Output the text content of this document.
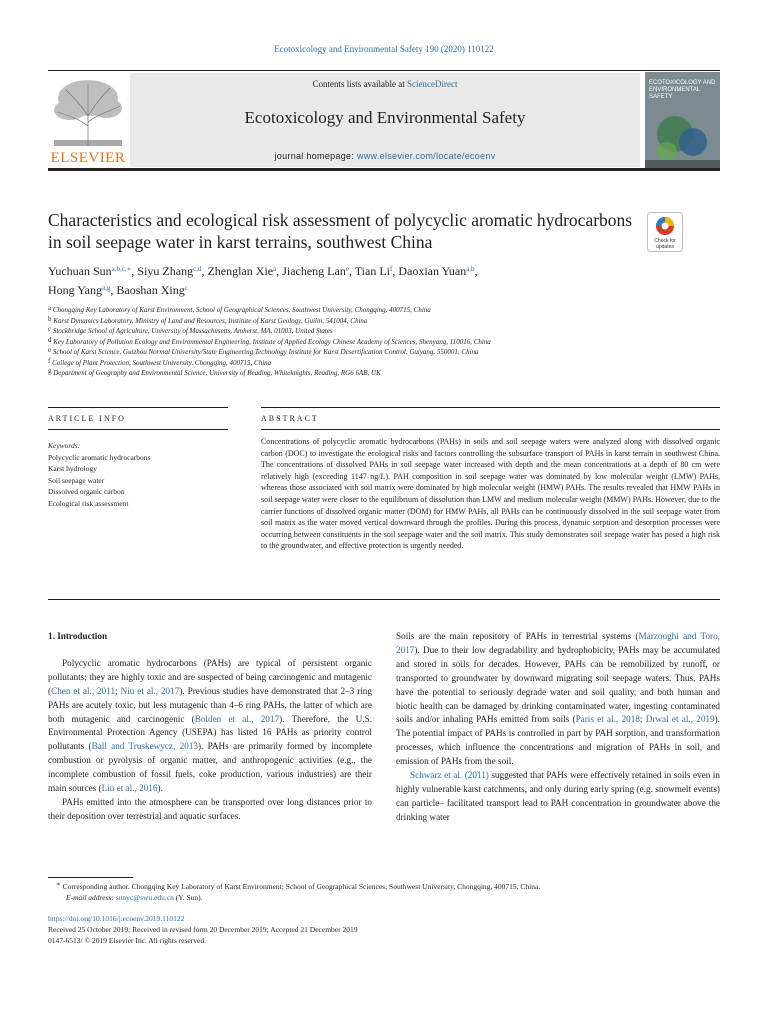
Ecotoxicology and Environmental Safety 190 (2020) 110122
ELSEVIER
Contents lists available at ScienceDirect
Ecotoxicology and Environmental Safety
journal homepage: www.elsevier.com/locate/ecoenv
ECOTOXICOLOGY AND ENVIRONMENTAL SAFETY
Characteristics and ecological risk assessment of polycyclic aromatic hydrocarbons in soil seepage water in karst terrains, southwest China	Check for
updates
Yuchuan Sun$^{a,b,c,∗}$, Siyu Zhang$^{c,d}$, Zhenglan Xie$^a$, Jiacheng Lan$^e$, Tian Li$^f$, Daoxian Yuan$^{a,b}$,
Hong Yang$^{a,g}$, Baoshan Xing$^c$
$^a$ Chongqing Key Laboratory of Karst Environment, School of Geographical Sciences, Southwest University, Chongqing, 400715, China
$^b$ Karst Dynamics Laboratory, Ministry of Land and Resources, Institute of Karst Geology, Guilin, 541004, China
$^c$ Stockbridge School of Agriculture, University of Massachusetts, Amherst, MA, 01003, United States
$^d$ Key Laboratory of Pollution Ecology and Environmental Engineering, Institute of Applied Ecology Chinese Academy of Sciences, Shenyang, 110016, China
$^e$ School of Karst Science, Guizhou Normal University/State Engineering Technology Institute for Karst Desertification Control, Guiyang, 550001, China
$^f$ College of Plant Protection, Southwest University, Chongqing, 400715, China
$^g$ Department of Geography and Environmental Science, University of Reading, Whiteknights, Reading, RG6 6AB, UK
ARTICLE INFO	ABSTRACT
Keywords:
Polycyclic aromatic hydrocarbons
Karst hydrology
Soil seepage water
Dissolved organic carbon
Ecological risk assessment
Concentrations of polycyclic aromatic hydrocarbons (PAHs) in soils and soil seepage waters were analyzed along with dissolved organic carbon (DOC) to investigate the ecological risks and factors controlling the subsurface transport of PAHs in karst terrain in southwest China. The concentrations of dissolved PAHs in soil seepage water increased with depth and the mean concentrations at a depth of 80 cm were relatively high (exceeding 1147 ng/L). PAH composition in soil seepage water was dominated by low molecular weight (LMW) PAHs, whereas those associated with soil matrix were dominated by high molecular weight (HMW) PAHs. The results revealed that HMW PAHs in soil seepage water were closer to the equilibrium of dissolution than LMW and medium molecular weight (MMW) PAHs. However, due to the carrier functions of dissolved organic matter (DOM) for HMW PAHs, all PAHs can be continuously dissolved in the soil seepage water from soil matrix as the water moved vertical downward through the profiles. During this process, dynamic sorption and desorption processes were occurring between constituents in the soil seepage water and the soil matrix. This study demonstrates soil seepage water has posed a high risk to the groundwater, and effective protection is urgently needed.
1. Introduction

Polycyclic aromatic hydrocarbons (PAHs) are typical of persistent organic pollutants; they are highly toxic and are suspected of being carcinogenic and mutagenic (Chen et al., 2011; Niu et al., 2017). Previous studies have demonstrated that 2–3 ring PAHs are acutely toxic, but less mutagenic than 4–6 ring PAHs, the latter of which are both mutagenic and carcinogenic (Bolden et al., 2017). Therefore, the U.S. Environmental Protection Agency (USEPA) has listed 16 PAHs as priority control pollutants (Ball and Truskewycz, 2013). PAHs are primarily formed by incomplete combustion or pyrolysis of organic matter, and anthropogenic activities (e.g., the incomplete combustion of fossil fuels, coke production, various industries) are their main sources (Liu et al., 2016).

PAHs emitted into the atmosphere can be transported over long distances prior to their deposition over terrestrial and aquatic surfaces.

Soils are the main repository of PAHs in terrestrial systems (Marzooghi and Toro, 2017). Due to their low degradability and hydrophobicity, PAHs may be accumulated and stored in soils for decades. However, PAHs can be remobilized by runoff, or transported to groundwater by downward migrating soil seepage waters. Thus, PAHs have the potential to seriously degrade water and soil quality, and both human and biotic health can be damaged by drinking contaminated water, ingesting contaminated soils and/or inhaling PAHs emitted from soils (Paris et al., 2018; Drwal et al., 2019). The potential impact of PAHs is controlled in part by PAH sorption, and transformation processes, which influence the concentrations and migration of PAHs in soil, and emission of PAHs from the soil.

Schwarz et al. (2011) suggested that PAHs were effectively retained in soils even in highly vulnerable karst catchments, and only during early spring (e.g. snowmelt events) can particle– facilitated transport lead to PAH concentration in groundwater above the drinking water

∗ Corresponding author. Chongqing Key Laboratory of Karst Environment; School of Geographical Sciences; Southwest University, Chongqing, 400715, China.
E-mail address: sunyc@swu.edu.cn (Y. Sun).
https://doi.org/10.1016/j.ecoenv.2019.110122
Received 25 October 2019; Received in revised form 20 December 2019; Accepted 21 December 2019
0147-6513/ © 2019 Elsevier Inc. All rights reserved.
